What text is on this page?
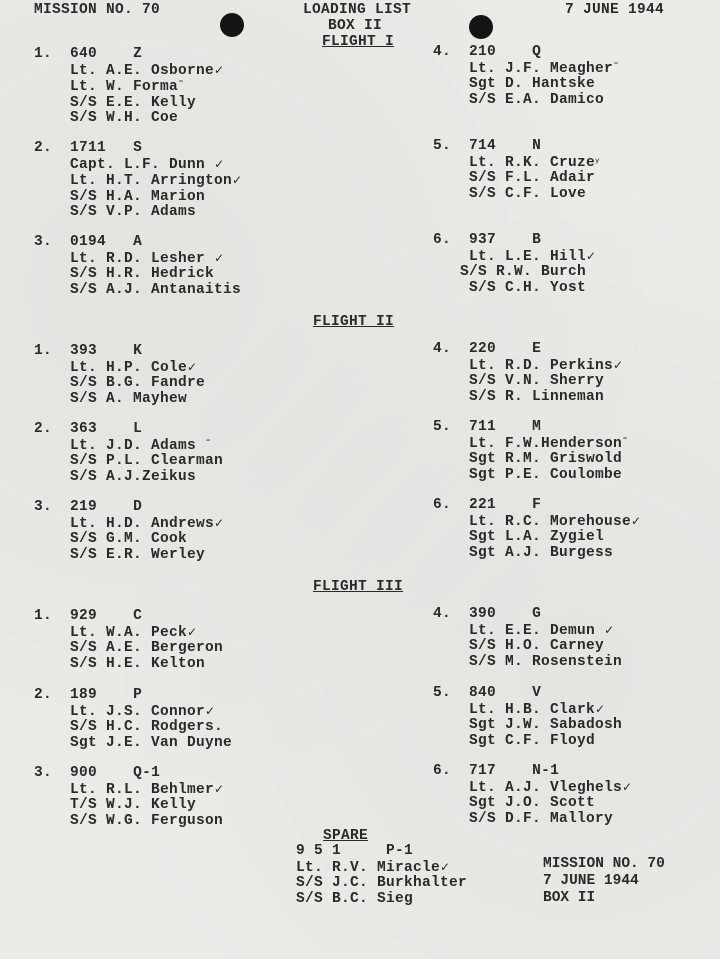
MISSION NO. 70	LOADING LIST
BOX II
7 JUNE 1944
FLIGHT I
1. 640 Z
Lt. A.E. Osborne✓
Lt. W. Formaˉ
S/S E.E. Kelly
S/S W.H. Coe
2. 1711 S
Capt. L.F. Dunn ✓
Lt. H.T. Arrington✓
S/S H.A. Marion
S/S V.P. Adams
3. 0194 A
Lt. R.D. Lesher ✓
S/S H.R. Hedrick
S/S A.J. Antanaitis
4. 210 Q
Lt. J.F. Meagherˉ
Sgt D. Hantske
S/S E.A. Damico
5. 714 N
Lt. R.K. Cruzeʸ
S/S F.L. Adair
S/S C.F. Love
6. 937 B
Lt. L.E. Hill✓
S/S R.W. Burch
S/S C.H. Yost
FLIGHT II
1. 393 K
Lt. H.P. Cole✓
S/S B.G. Fandre
S/S A. Mayhew
2. 363 L
Lt. J.D. Adams ˉ
S/S P.L. Clearman
S/S A.J.Zeikus
3. 219 D
Lt. H.D. Andrews✓
S/S G.M. Cook
S/S E.R. Werley
4. 220 E
Lt. R.D. Perkins✓
S/S V.N. Sherry
S/S R. Linneman
5. 711 M
Lt. F.W.Hendersonˉ
Sgt R.M. Griswold
Sgt P.E. Coulombe
6. 221 F
Lt. R.C. Morehouse✓
Sgt L.A. Zygiel
Sgt A.J. Burgess
FLIGHT III
1. 929 C
Lt. W.A. Peck✓
S/S A.E. Bergeron
S/S H.E. Kelton
2. 189 P
Lt. J.S. Connor✓
S/S H.C. Rodgers.
Sgt J.E. Van Duyne
3. 900 Q-1
Lt. R.L. Behlmer✓
T/S W.J. Kelly
S/S W.G. Ferguson
4. 390 G
Lt. E.E. Demun ✓
S/S H.O. Carney
S/S M. Rosenstein
5. 840 V
Lt. H.B. Clark✓
Sgt J.W. Sabadosh
Sgt C.F. Floyd
6. 717 N-1
Lt. A.J. Vleghels✓
Sgt J.O. Scott
S/S D.F. Mallory
SPARE
9 5 1	P-1
Lt. R.V. Miracle✓
S/S J.C. Burkhalter
S/S B.C. Sieg
MISSION NO. 70
7 JUNE 1944
BOX II
